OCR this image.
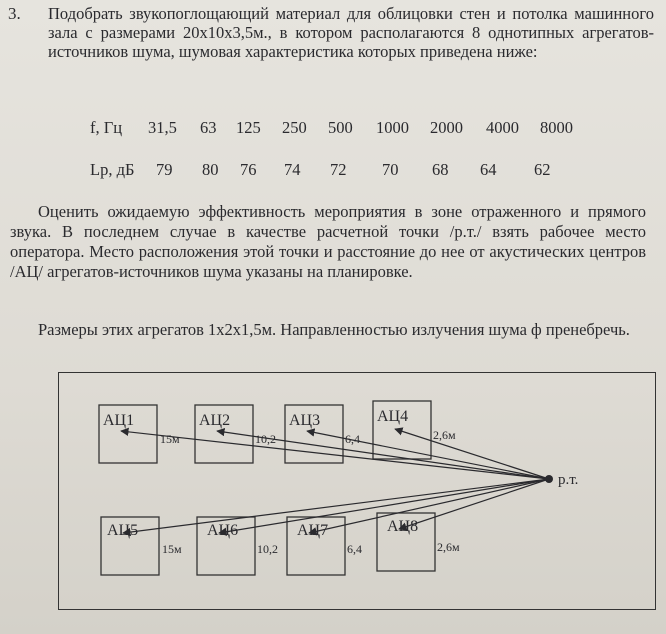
3. Подобрать звукопоглощающий материал для облицовки стен и потолка машинного зала с размерами 20х10х3,5м., в котором располагаются 8 однотипных агрегатов-источников шума, шумовая характеристика которых приведена ниже:
f, Гц 31,5 63 125 250 500 1000 2000 4000 8000
Lp, дБ 79 80 76 74 72 70 68 64 62
Оценить ожидаемую эффективность мероприятия в зоне отраженного и прямого звука. В последнем случае в качестве расчетной точки /р.т./ взять рабочее место оператора. Место расположения этой точки и расстояние до нее от акустических центров /АЦ/ агрегатов-источников шума указаны на планировке.
Размеры этих агрегатов 1х2х1,5м. Направленностью излучения шума ф пренебречь.
АЦ1	АЦ2	АЦ3	АЦ4
АЦ5	АЦ6	АЦ7	АЦ8
15м	10,2	6,4	2,6м
15м	10,2	6,4	2,6м
р.т.
